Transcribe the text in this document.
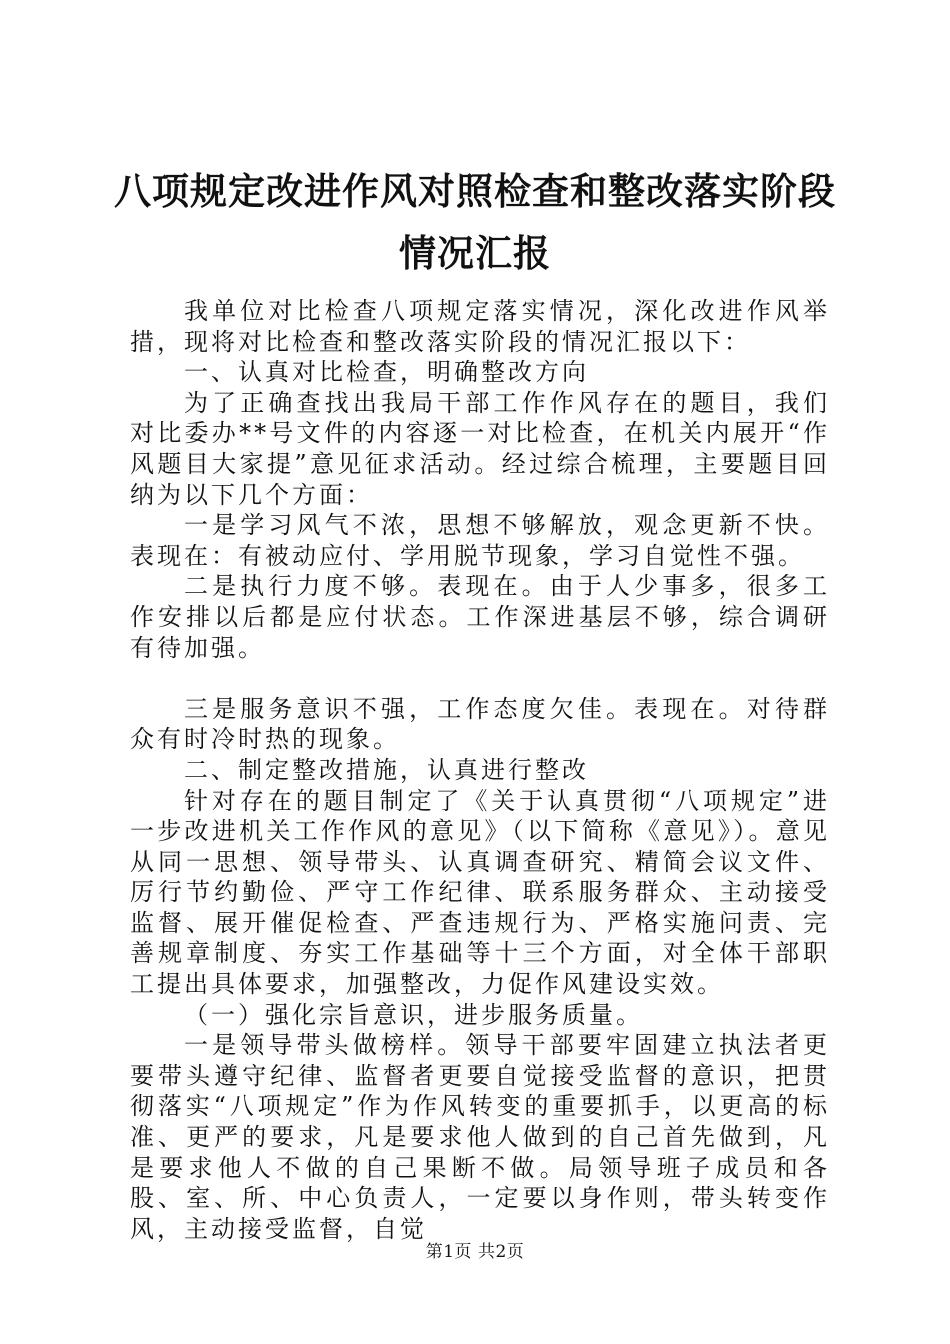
八项规定改进作风对照检查和整改落实阶段情况汇报

我单位对比检查八项规定落实情况，深化改进作风举措，现将对比检查和整改落实阶段的情况汇报以下：

一、认真对比检查，明确整改方向

为了正确查找出我局干部工作作风存在的题目，我们对比委办**号文件的内容逐一对比检查，在机关内展开“作风题目大家提”意见征求活动。经过综合梳理，主要题目回纳为以下几个方面：

一是学习风气不浓，思想不够解放，观念更新不快。表现在：有被动应付、学用脱节现象，学习自觉性不强。

二是执行力度不够。表现在。由于人少事多，很多工作安排以后都是应付状态。工作深进基层不够，综合调研有待加强。

三是服务意识不强，工作态度欠佳。表现在。对待群众有时冷时热的现象。

二、制定整改措施，认真进行整改

针对存在的题目制定了《关于认真贯彻“八项规定”进一步改进机关工作作风的意见》（以下简称《意见》）。意见从同一思想、领导带头、认真调查研究、精简会议文件、厉行节约勤俭、严守工作纪律、联系服务群众、主动接受监督、展开催促检查、严查违规行为、严格实施问责、完善规章制度、夯实工作基础等十三个方面，对全体干部职工提出具体要求，加强整改，力促作风建设实效。

（一）强化宗旨意识，进步服务质量。

一是领导带头做榜样。领导干部要牢固建立执法者更要带头遵守纪律、监督者更要自觉接受监督的意识，把贯彻落实“八项规定”作为作风转变的重要抓手，以更高的标准、更严的要求，凡是要求他人做到的自己首先做到，凡是要求他人不做的自己果断不做。局领导班子成员和各股、室、所、中心负责人，一定要以身作则，带头转变作风，主动接受监督，自觉

第1页 共2页
